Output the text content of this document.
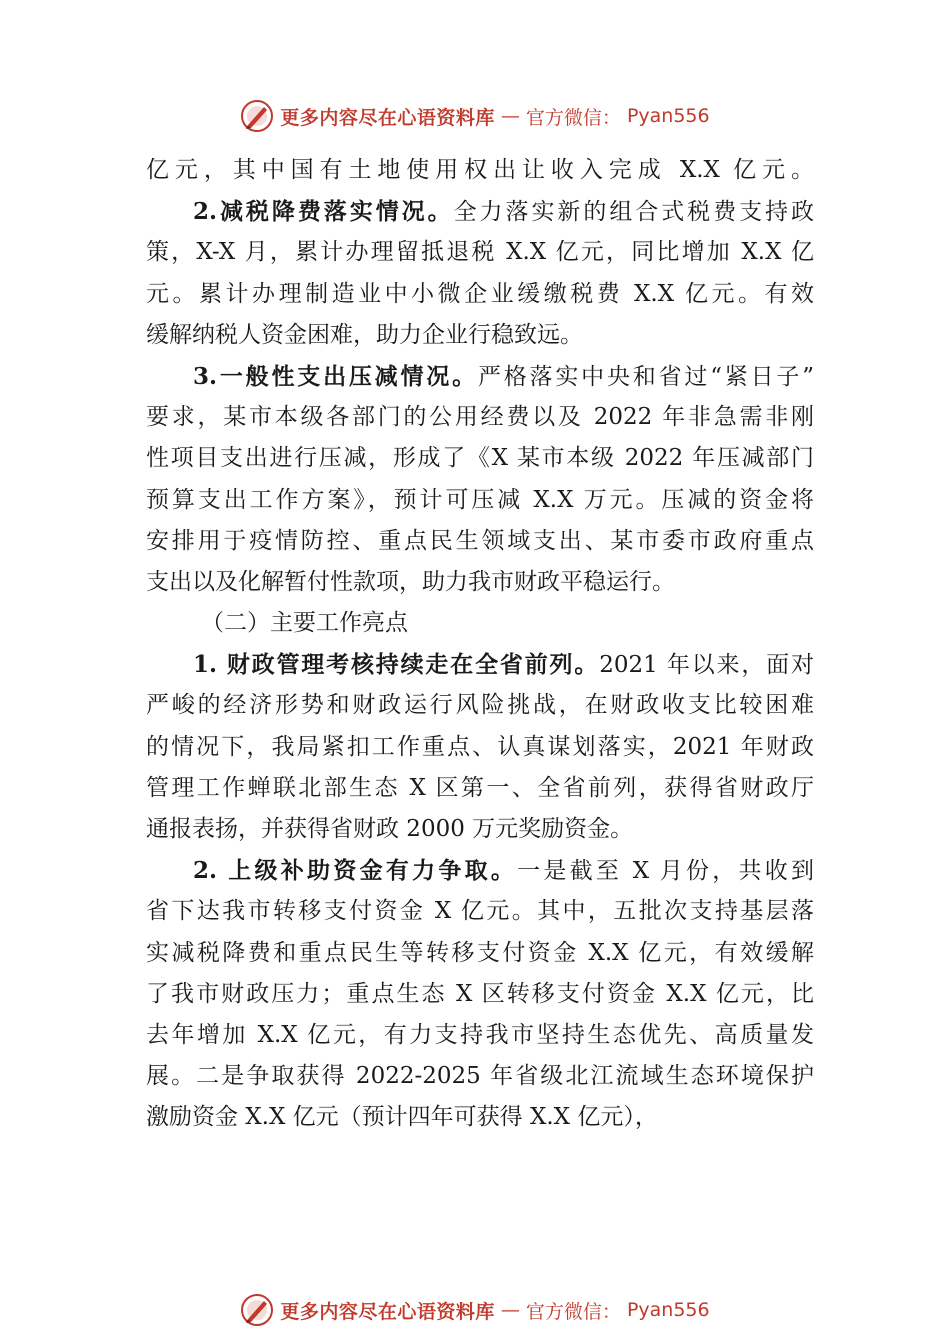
更多内容尽在心语资料库 — 官方微信： Pyan556
亿元，其中国有土地使用权出让收入完成 X.X 亿元。
2.减税降费落实情况。全力落实新的组合式税费支持政
策，X-X 月，累计办理留抵退税 X.X 亿元，同比增加 X.X 亿
元。累计办理制造业中小微企业缓缴税费 X.X 亿元。有效
缓解纳税人资金困难，助力企业行稳致远。
3.一般性支出压减情况。严格落实中央和省过“紧日子”
要求，某市本级各部门的公用经费以及 2022 年非急需非刚
性项目支出进行压减，形成了《X 某市本级 2022 年压减部门
预算支出工作方案》，预计可压减 X.X 万元。压减的资金将
安排用于疫情防控、重点民生领域支出、某市委市政府重点
支出以及化解暂付性款项，助力我市财政平稳运行。
（二）主要工作亮点
1. 财政管理考核持续走在全省前列。2021 年以来，面对
严峻的经济形势和财政运行风险挑战，在财政收支比较困难
的情况下，我局紧扣工作重点、认真谋划落实，2021 年财政
管理工作蝉联北部生态 X 区第一、全省前列，获得省财政厅
通报表扬，并获得省财政 2000 万元奖励资金。
2. 上级补助资金有力争取。一是截至 X 月份，共收到
省下达我市转移支付资金 X 亿元。其中，五批次支持基层落
实减税降费和重点民生等转移支付资金 X.X 亿元，有效缓解
了我市财政压力；重点生态 X 区转移支付资金 X.X 亿元，比
去年增加 X.X 亿元，有力支持我市坚持生态优先、高质量发
展。二是争取获得 2022-2025 年省级北江流域生态环境保护
激励资金 X.X 亿元（预计四年可获得 X.X 亿元），
更多内容尽在心语资料库 — 官方微信： Pyan556
